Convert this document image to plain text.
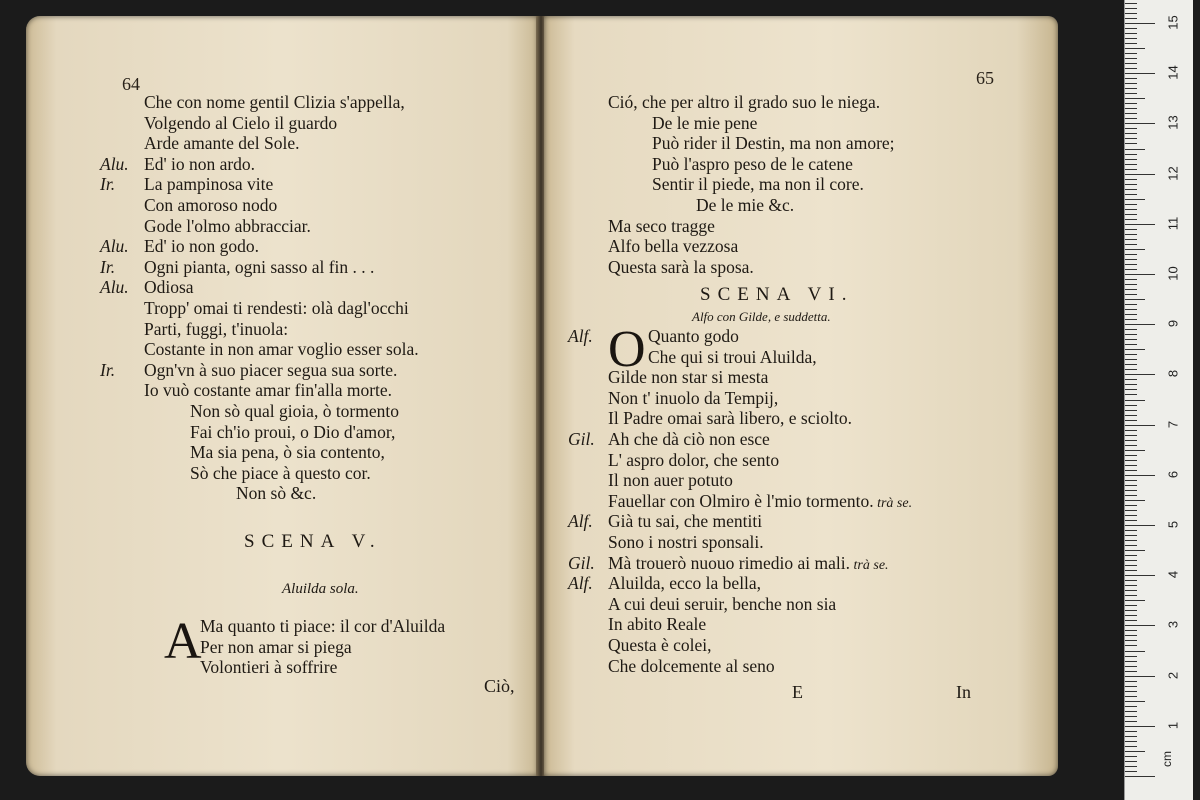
64
Che con nome gentil Clizia s'appella,
Volgendo al Cielo il guardo
Arde amante del Sole.
Alu. Ed' io non ardo.
Ir. La pampinosa vite
Con amoroso nodo
Gode l'olmo abbracciar.
Alu. Ed' io non godo.
Ir. Ogni pianta, ogni sasso al fin . . .
Alu. Odiosa
Tropp' omai ti rendesti: olà dagl'occhi
Parti, fuggi, t'inuola:
Costante in non amar voglio esser sola.
Ir. Ogn'vn à suo piacer segua sua sorte.
Io vuò costante amar fin'alla morte.
Non sò qual gioia, ò tormento
Fai ch'io proui, o Dio d'amor,
Ma sia pena, ò sia contento,
Sò che piace à questo cor.
Non sò &c.
SCENA V.
Aluilda sola.
A
Ma quanto ti piace: il cor d'Aluilda
Per non amar si piega
Volontieri à soffrire
Ciò,
65
Ció, che per altro il grado suo le niega.
De le mie pene
Può rider il Destin, ma non amore;
Può l'aspro peso de le catene
Sentir il piede, ma non il core.
De le mie &c.
Ma seco tragge
Alfo bella vezzosa
Questa sarà la sposa.
SCENA VI.
Alfo con Gilde, e suddetta.
O
Alf.	Quanto godo
Che qui si troui Aluilda,
Gilde non star si mesta
Non t' inuolo da Tempij,
Il Padre omai sarà libero, e sciolto.
Gil. Ah che dà ciò non esce
L' aspro dolor, che sento
Il non auer potuto
Fauellar con Olmiro è l'mio tormento. trà se.
Alf. Già tu sai, che mentiti
Sono i nostri sponsali.
Gil. Mà trouerò nuouo rimedio ai mali. trà se.
Alf. Aluilda, ecco la bella,
A cui deui seruir, benche non sia
In abito Reale
Questa è colei,
Che dolcemente al seno
E	In
cm
1
2
3
4
5
6
7
8
9
10
11
12
13
14
15
